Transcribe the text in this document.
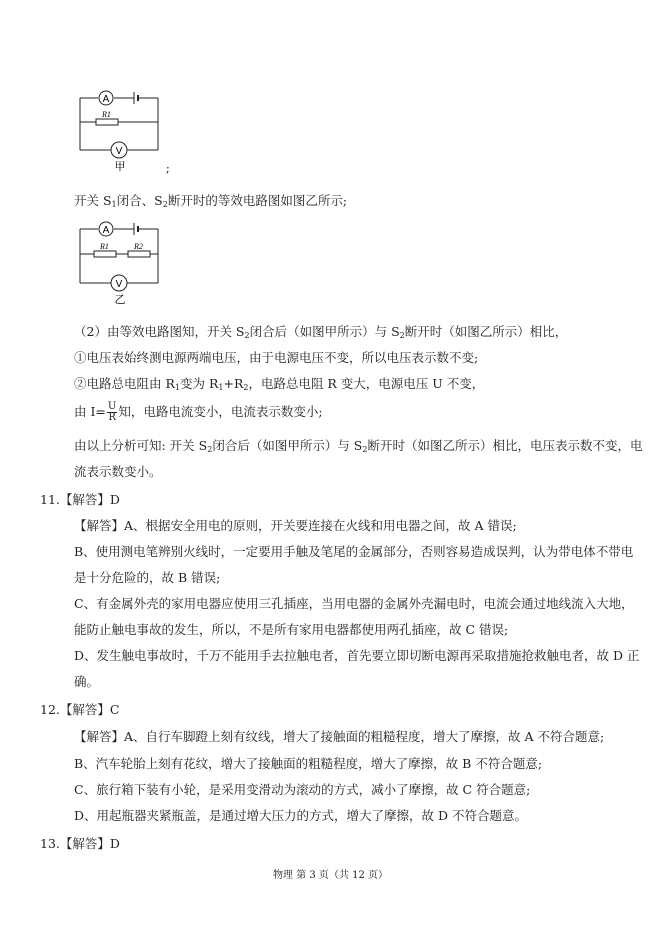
A
R1
V
甲	;
开关 $S_1$闭合、$S_2$断开时的等效电路图如图乙所示;
A
R1	R2
V
乙
（2）由等效电路图知，开关 $S_2$闭合后（如图甲所示）与 $S_2$断开时（如图乙所示）相比，
①电压表始终测电源两端电压，由于电源电压不变，所以电压表示数不变;
②电路总电阻由 $R_1$变为 $R_1+R_2$，电路总电阻 R 变大，电源电压 U 不变，
由 $I= \frac{U}{R}$ 知，电路电流变小，电流表示数变小;
由以上分析可知: 开关 $S_2$闭合后（如图甲所示）与 $S_2$断开时（如图乙所示）相比，电压表示数不变，电
流表示数变小。
11.【解答】D
【解答】A、根据安全用电的原则，开关要连接在火线和用电器之间，故 A 错误;
B、使用测电笔辨别火线时，一定要用手触及笔尾的金属部分，否则容易造成误判，认为带电体不带电
是十分危险的，故 B 错误;
C、有金属外壳的家用电器应使用三孔插座，当用电器的金属外壳漏电时，电流会通过地线流入大地，
能防止触电事故的发生，所以，不是所有家用电器都使用两孔插座，故 C 错误;
D、发生触电事故时，千万不能用手去拉触电者，首先要立即切断电源再采取措施抢救触电者，故 D 正
确。
12.【解答】C
【解答】A、自行车脚蹬上刻有纹线，增大了接触面的粗糙程度，增大了摩擦，故 A 不符合题意;
B、汽车轮胎上刻有花纹，增大了接触面的粗糙程度，增大了摩擦，故 B 不符合题意;
C、旅行箱下装有小轮，是采用变滑动为滚动的方式，减小了摩擦，故 C 符合题意;
D、用起瓶器夹紧瓶盖，是通过增大压力的方式，增大了摩擦，故 D 不符合题意。
13.【解答】D
物理 第 3 页（共 12 页）
